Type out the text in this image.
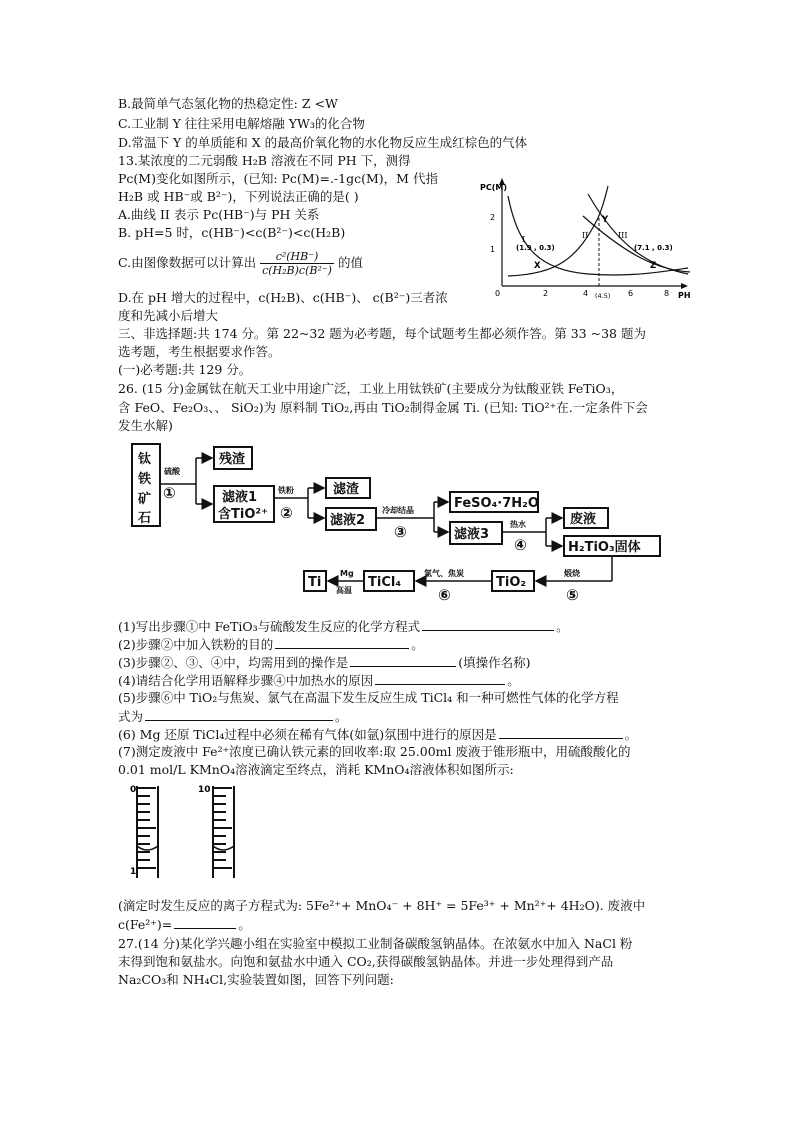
B.最简单气态氢化物的热稳定性: Z <W
C.工业制 Y 往往采用电解熔融 YW₃的化合物
D.常温下 Y 的单质能和 X 的最高价氧化物的水化物反应生成红棕色的气体
13.某浓度的二元弱酸 H₂B 溶液在不同 PH 下，测得
Pc(M)变化如图所示，(已知: Pc(M)=.-1gc(M)，M 代指
H₂B 或 HB⁻或 B²⁻)，下列说法正确的是( )
A.曲线 II 表示 Pc(HB⁻)与 PH 关系
B. pH=5 时，c(HB⁻)<c(B²⁻)<c(H₂B)
C.由图像数据可以计算出 $\frac{\text{c²(HB⁻)}}{\text{c(H₂B)c(B²⁻)}}$ 的值
D.在 pH 增大的过程中，c(H₂B)、c(HB⁻)、 c(B²⁻)三者浓
度和先减小后增大
三、非选择题:共 174 分。第 22~32 题为必考题，每个试题考生都必须作答。第 33 ~38 题为
选考题，考生根据要求作答。
(一)必考题:共 129 分。
26. (15 分)金属钛在航天工业中用途广泛，工业上用钛铁矿(主要成分为钛酸亚铁 FeTiO₃，
含 FeO、Fe₂O₃、、 SiO₂)为 原料制 TiO₂,再由 TiO₂制得金属 Ti. (已知: TiO²⁺在.一定条件下会
发生水解)
PC(M)
PH
2
1
0	2	4 (4.5) 6	8
I	II	III
X
Y
Z
(1.9 , 0.3)	(7.1 , 0.3)
钛
铁
矿
石
硫酸
①
残渣
滤液1
含TiO²⁺
铁粉
②
滤渣
滤液2
冷却结晶
③
FeSO₄·7H₂O
滤液3
热水
④
废液
H₂TiO₃固体
煅烧
⑤
TiO₂
氯气、焦炭
⑥
TiCl₄
Mg
高温
Ti
(1)写出步骤①中 FeTiO₃与硫酸发生反应的化学方程式	。
(2)步骤②中加入铁粉的目的	。
(3)步骤②、③、④中，均需用到的操作是	(填操作名称)
(4)请结合化学用语解释步骤④中加热水的原因	。
(5)步骤⑥中 TiO₂与焦炭、氯气在高温下发生反应生成 TiCl₄ 和一种可燃性气体的化学方程
式为	。
(6) Mg 还原 TiCl₄过程中必须在稀有气体(如氩)氛围中进行的原因是	。
(7)测定废液中 Fe²⁺浓度已确认铁元素的回收率:取 25.00ml 废液于锥形瓶中，用硫酸酸化的
0.01 mol/L KMnO₄溶液滴定至终点，消耗 KMnO₄溶液体积如图所示:
0
1
10
(滴定时发生反应的离子方程式为: 5Fe²⁺+ MnO₄⁻ + 8H⁺ = 5Fe³⁺ + Mn²⁺+ 4H₂O). 废液中
c(Fe²⁺)=	。
27.(14 分)某化学兴趣小组在实验室中模拟工业制备碳酸氢钠晶体。在浓氨水中加入 NaCl 粉
末得到饱和氨盐水。向饱和氨盐水中通入 CO₂,获得碳酸氢钠晶体。并进一步处理得到产品
Na₂CO₃和 NH₄Cl,实验装置如图，回答下列问题:
